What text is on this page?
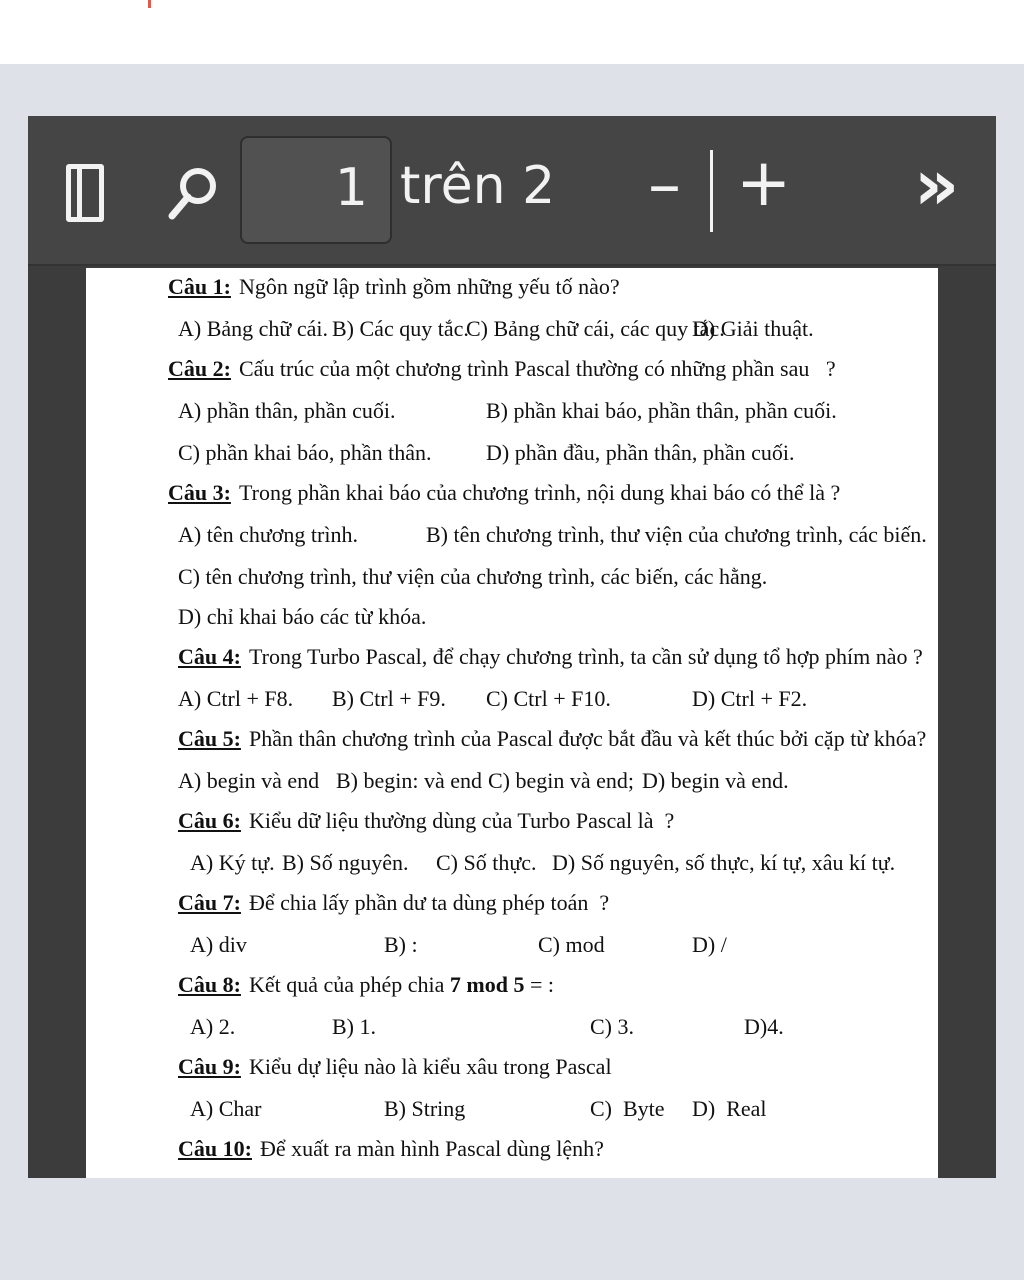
1 trên 2 – + »
Câu 1: Ngôn ngữ lập trình gồm những yếu tố nào?
A) Bảng chữ cái. B) Các quy tắc.
C) Bảng chữ cái, các quy tắc.
D) Giải thuật.
Câu 2: Cấu trúc của một chương trình Pascal thường có những phần sau   ?
A) phần thân, phần cuối.	B) phần khai báo, phần thân, phần cuối.
C) phần khai báo, phần thân. D) phần đầu, phần thân, phần cuối.
Câu 3: Trong phần khai báo của chương trình, nội dung khai báo có thể là ?
A) tên chương trình.	B) tên chương trình, thư viện của chương trình, các biến.
C) tên chương trình, thư viện của chương trình, các biến, các hằng.
D) chỉ khai báo các từ khóa.
Câu 4: Trong Turbo Pascal, để chạy chương trình, ta cần sử dụng tổ hợp phím nào ?
A) Ctrl + F8. B) Ctrl + F9. C) Ctrl + F10.	D) Ctrl + F2.
Câu 5: Phần thân chương trình của Pascal được bắt đầu và kết thúc bởi cặp từ khóa?
A) begin và end B) begin: và end C) begin và end; D) begin và end.
Câu 6: Kiểu dữ liệu thường dùng của Turbo Pascal là  ?
A) Ký tự. B) Số nguyên. C) Số thực. D) Số nguyên, số thực, kí tự, xâu kí tự.
Câu 7: Để chia lấy phần dư ta dùng phép toán  ?
A) div	B) :	C) mod	D) /
Câu 8: Kết quả của phép chia 7 mod 5 = :
A) 2.	B) 1.	C) 3.	D)4.
Câu 9: Kiểu dự liệu nào là kiểu xâu trong Pascal
A) Char	B) String	C)  Byte D)  Real
Câu 10: Để xuất ra màn hình Pascal dùng lệnh?
